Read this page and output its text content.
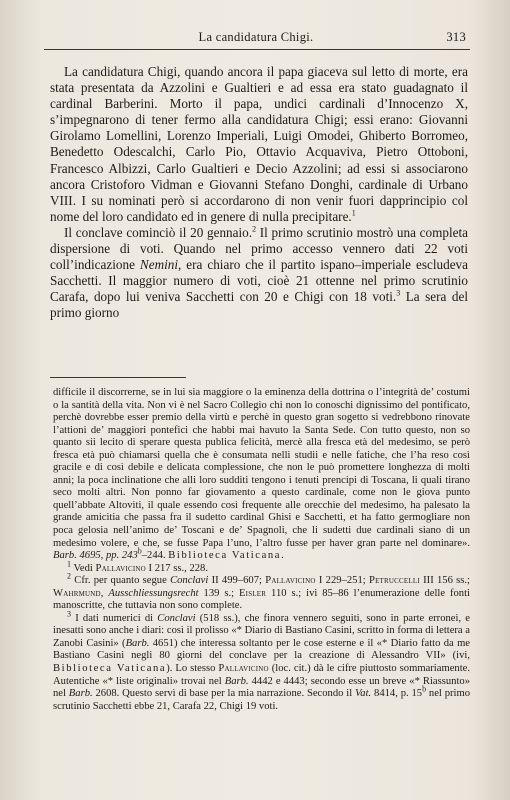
La candidatura Chigi.	313

La candidatura Chigi, quando ancora il papa giaceva sul letto di morte, era stata presentata da Azzolini e Gualtieri e ad essa era stato guadagnato il cardinal Barberini. Morto il papa, undici cardinali d’Innocenzo X, s’impegnarono di tener fermo alla candidatura Chigi; essi erano: Giovanni Girolamo Lomellini, Lorenzo Imperiali, Luigi Omodei, Ghiberto Borromeo, Benedetto Odescalchi, Carlo Pio, Ottavio Acquaviva, Pietro Ottoboni, Francesco Albizzi, Carlo Gualtieri e Decio Azzolini; ad essi si associarono ancora Cristoforo Vidman e Giovanni Stefano Donghi, cardinale di Urbano VIII. I su nominati però si accordarono di non venir fuori dapprincipio col nome del loro candidato ed in genere di nulla precipitare.$^1$

Il conclave cominciò il 20 gennaio.$^2$ Il primo scrutinio mostrò una completa dispersione di voti. Quando nel primo accesso vennero dati 22 voti coll’indicazione Nemini, era chiaro che il partito ispano–imperiale escludeva Sacchetti. Il maggior numero di voti, cioè 21 ottenne nel primo scrutinio Carafa, dopo lui veniva Sacchetti con 20 e Chigi con 18 voti.$^3$ La sera del primo giorno

difficile il discorrerne, se in lui sia maggiore o la eminenza della dottrina o l’integrità de’ costumi o la santità della vita. Non vi è nel Sacro Collegio chi non lo conoschi dignissimo del pontificato, perchè dovrebbe esser premio della virtù e perchè in questo gran sogetto si vedrebbono rinovate l’attioni de’ maggiori pontefici che habbi mai havuto la Santa Sede. Con tutto questo, non so quanto sii lecito di sperare questa publica felicità, mercè alla fresca età del medesimo, se però fresca età può chiamarsi quella che è consumata nelli studii e nelle fatiche, che l’ha reso così gracile e di così debile e delicata complessione, che non le può promettere longhezza di molti anni; la poca inclinatione che alli loro sudditi tengono i tenuti prencipi di Toscana, li quali tirano seco molti altri. Non ponno far giovamento a questo cardinale, come non le giova punto quell’abbate Altoviti, il quale essendo così frequente alle orecchie del medesimo, ha palesato la grande amicitia che passa fra il sudetto cardinal Ghisi e Sacchetti, et ha fatto germogliare non poca gelosia nell’animo de’ Toscani e de’ Spagnoli, che li sudetti due cardinali siano di un medesimo volere, e che, se fusse Papa l’uno, l’altro fusse per haver gran parte nel dominare». Barb. 4695, pp. 243$^b$–244. Biblioteca Vaticana.

$^1$ Vedi Pallavicino I 217 ss., 228.

$^2$ Cfr. per quanto segue Conclavi II 499–607; Pallavicino I 229–251; Petruccelli III 156 ss.; Wahrmund, Ausschliessungsrecht 139 s.; Eisler 110 s.; ivi 85–86 l’enumerazione delle fonti manoscritte, che tuttavia non sono complete.

$^3$ I dati numerici di Conclavi (518 ss.), che finora vennero seguiti, sono in parte erronei, e inesatti sono anche i diari: così il prolisso «* Diario di Bastiano Casini, scritto in forma di lettera a Zanobi Casini» (Barb. 4651) che interessa soltanto per le cose esterne e il «* Diario fatto da me Bastiano Casini negli 80 giorni del conclave per la creazione di Alessandro VII» (ivi, Biblioteca Vaticana). Lo stesso Pallavicino (loc. cit.) dà le cifre piuttosto sommariamente. Autentiche «* liste originali» trovai nel Barb. 4442 e 4443; secondo esse un breve «* Riassunto» nel Barb. 2608. Questo servì di base per la mia narrazione. Secondo il Vat. 8414, p. 15$^b$ nel primo scrutinio Sacchetti ebbe 21, Carafa 22, Chigi 19 voti.
